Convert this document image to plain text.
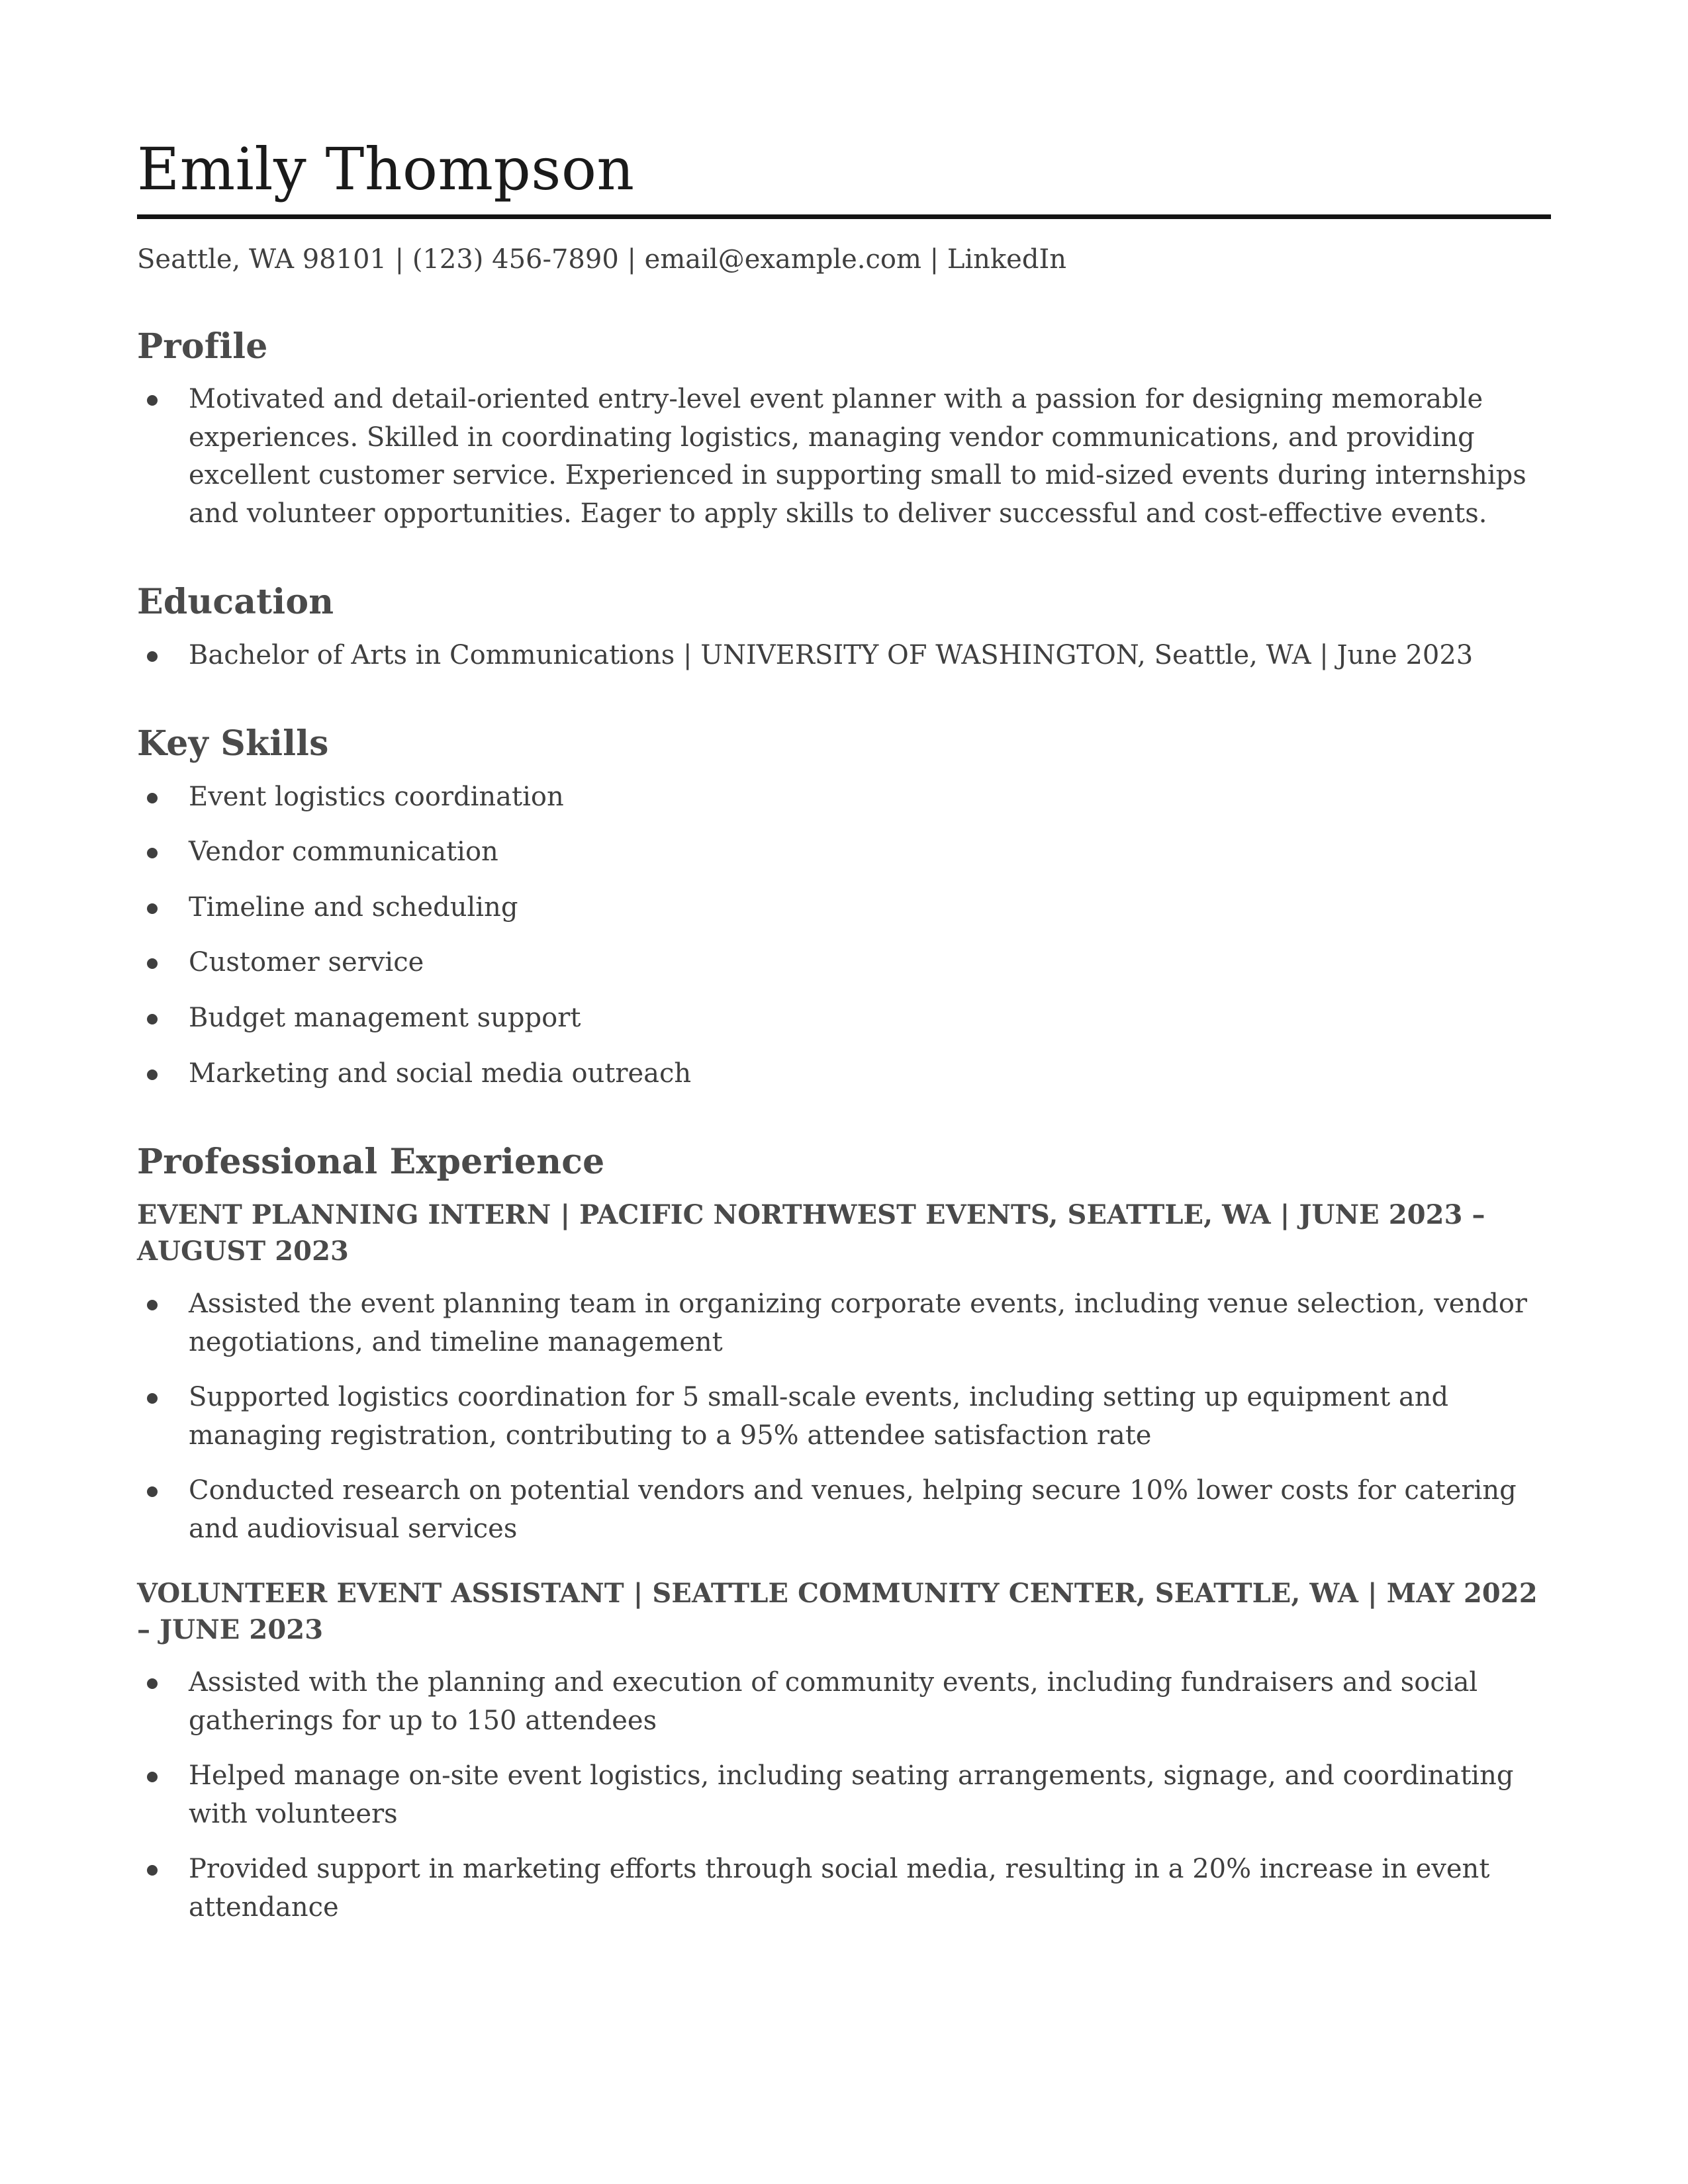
Emily Thompson
Seattle, WA 98101 | (123) 456-7890 | email@example.com | LinkedIn
Profile
Motivated and detail-oriented entry-level event planner with a passion for designing memorable experiences. Skilled in coordinating logistics, managing vendor communications, and providing excellent customer service. Experienced in supporting small to mid-sized events during internships and volunteer opportunities. Eager to apply skills to deliver successful and cost-effective events.
Education
Bachelor of Arts in Communications | UNIVERSITY OF WASHINGTON, Seattle, WA | June 2023
Key Skills
Event logistics coordination
Vendor communication
Timeline and scheduling
Customer service
Budget management support
Marketing and social media outreach
Professional Experience
EVENT PLANNING INTERN | PACIFIC NORTHWEST EVENTS, SEATTLE, WA | JUNE 2023 – AUGUST 2023
Assisted the event planning team in organizing corporate events, including venue selection, vendor negotiations, and timeline management
Supported logistics coordination for 5 small-scale events, including setting up equipment and managing registration, contributing to a 95% attendee satisfaction rate
Conducted research on potential vendors and venues, helping secure 10% lower costs for catering and audiovisual services
VOLUNTEER EVENT ASSISTANT | SEATTLE COMMUNITY CENTER, SEATTLE, WA | MAY 2022 – JUNE 2023
Assisted with the planning and execution of community events, including fundraisers and social gatherings for up to 150 attendees
Helped manage on-site event logistics, including seating arrangements, signage, and coordinating with volunteers
Provided support in marketing efforts through social media, resulting in a 20% increase in event attendance
